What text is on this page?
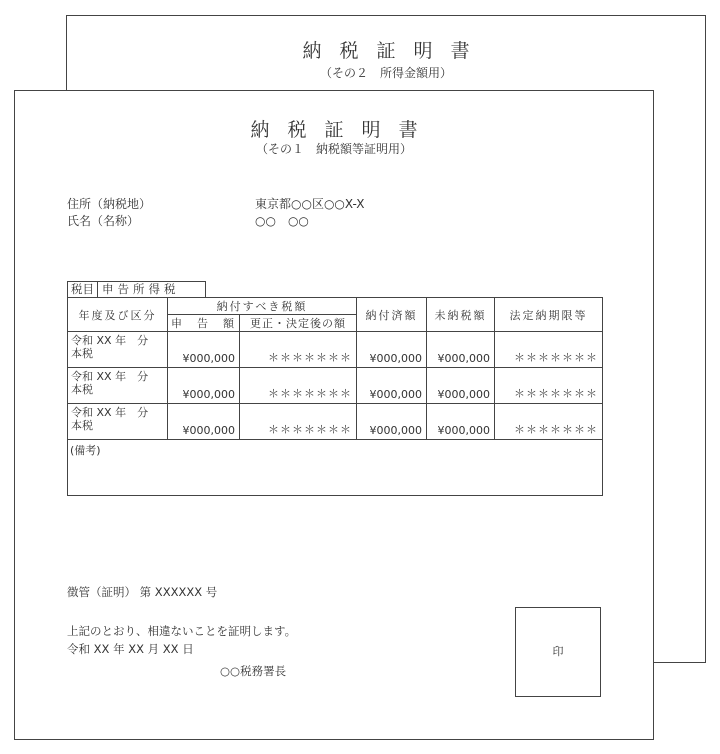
納 税 証 明 書
（その２　所得金額用）
納 税 証 明 書
（その１　納税額等証明用）
住所（納税地）	東京都○○区○○X-X
氏名（名称）	○○　○○
税目 申告所得税
年度及び区分	納付すべき税額		納付済額	未納税額	法定納期限等
	申　告　額	更正・決定後の額			

令和 XX 年　分
本税	¥000,000	＊＊＊＊＊＊＊	¥000,000	¥000,000	＊＊＊＊＊＊＊

令和 XX 年　分
本税	¥000,000	＊＊＊＊＊＊＊	¥000,000	¥000,000	＊＊＊＊＊＊＊

令和 XX 年　分
本税	¥000,000	＊＊＊＊＊＊＊	¥000,000	¥000,000	＊＊＊＊＊＊＊
(備考)					
徴管（証明） 第 XXXXXX 号
上記のとおり、相違ないことを証明します。
令和 XX 年 XX 月 XX 日
○○税務署長
印
